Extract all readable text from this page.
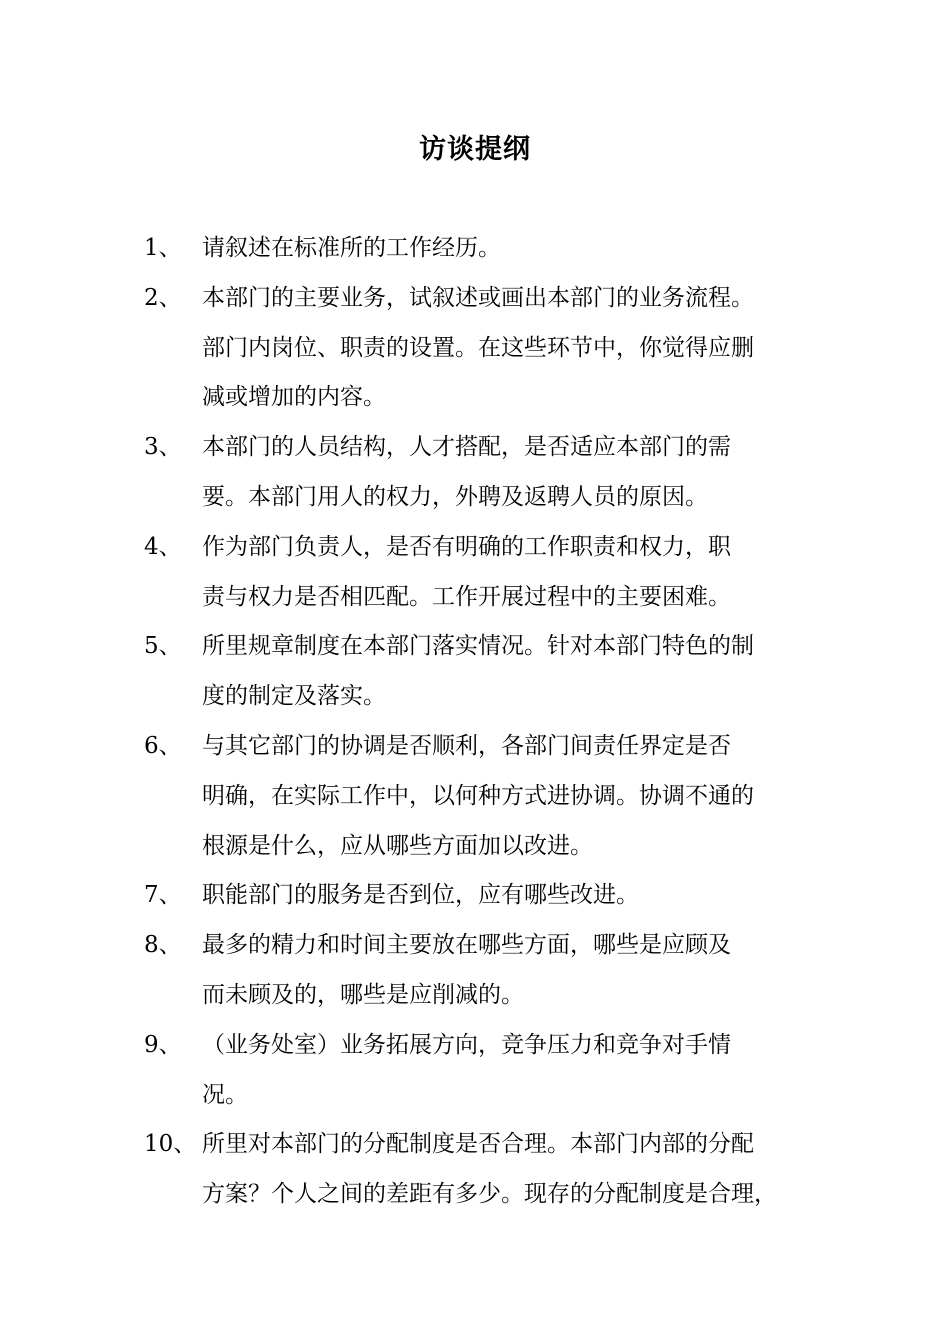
访谈提纲
1、 请叙述在标准所的工作经历。
2、 本部门的主要业务，试叙述或画出本部门的业务流程。
部门内岗位、职责的设置。在这些环节中，你觉得应删
减或增加的内容。
3、 本部门的人员结构，人才搭配，是否适应本部门的需
要。本部门用人的权力，外聘及返聘人员的原因。
4、 作为部门负责人，是否有明确的工作职责和权力，职
责与权力是否相匹配。工作开展过程中的主要困难。
5、 所里规章制度在本部门落实情况。针对本部门特色的制
度的制定及落实。
6、 与其它部门的协调是否顺利，各部门间责任界定是否
明确，在实际工作中，以何种方式进协调。协调不通的
根源是什么，应从哪些方面加以改进。
7、 职能部门的服务是否到位，应有哪些改进。
8、 最多的精力和时间主要放在哪些方面，哪些是应顾及
而未顾及的，哪些是应削减的。
9、 （业务处室）业务拓展方向，竞争压力和竞争对手情
况。
10、 所里对本部门的分配制度是否合理。本部门内部的分配
方案？个人之间的差距有多少。现存的分配制度是合理，
